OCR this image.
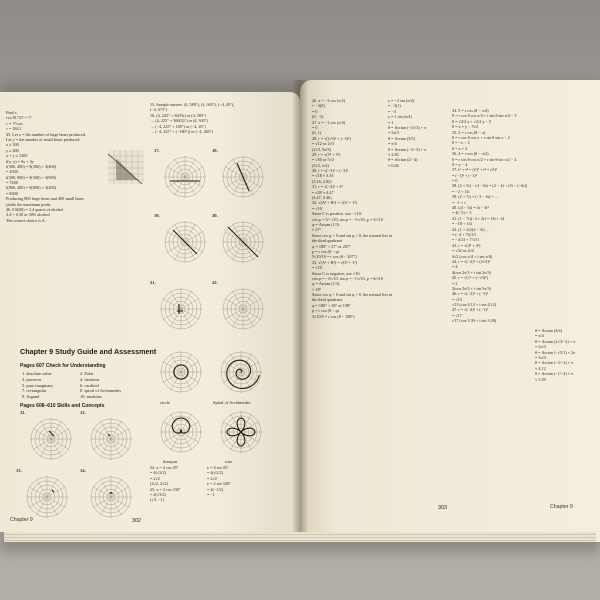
Find c.
cos 81°33' = ??
c = ??/cos
c = 184.1
45. Let x = the number of large bears produced.
Let y = the number of small bears produced.
x ≥ 300
y ≥ 400
x + y ≤ 1200
f(x, y) = 9x + 3y
f(300, 400) = 9(300) + 3(400)
= 4500
f(300, 900) = 9(300) + 3(900)
= 7200
f(800, 400) = 9(800) + 3(400)
= 8400
Producing 800 large bears and 400 small bears
yields the maximum profit.
46. 0.8(60) = 2.4 quarts of alcohol
2.4 = 0.30 or 30% alcohol
The correct choice is A.
Chapter 9 Study Guide and Assessment
Pages 607 Check for Understanding
1. absolute value
3. prosecer
5. pure imaginary
7. rectangular
9. Argand
2. Polar
4. iteration
6. cardioid
8. spiral of Archimedes
10. modulus
Pages 608–610 Skills and Concepts
11.	12.
13.	14.
15. Sample answer: (4, 580°), (4, 945°), (−4, 45°),
(−4, 675°)
16. (4, 225° + 360°k) or (4, 585°)
→ (4, 225° + 360(2)°) or (4, 945°)
→ (−4, 225° + 180°) or (−4, 45°)
→ (−4, 225° + (−180°)) or (−4, 405°)
17.	18.
19.	20.
21.	22.
circle	Spiral of Archimedes
limaçon	rose
24. x = 4 cos 45°
= 4(√2/2)
= 2√2
(2√2, 2√2)
25. x = 2 cos 330°
= 2(√3/2)
(√3, −1)
y = 4 sin 45°
= 4(√2/2)
= 2√2
y = 2 sin 330°
= 2(−1/2)
= −1
Chapter 9	302
26. x = −3 cos (π/2)
= −3(0)
= 0
(0, −3)
27. x = −1 cos (π/4)
= 0
(0, 1)
28. r = √((√3)² + (−3)²)
= √12 or 2√3
(2√3, 5π/3)
29. r = √(5² + 5²)
= √50 or 5√2
(5√2, π/4)
30. r = √(−3)² + (−3)²
= √18 ≈ 3.16
(3.16, 2.82)
31. r = √(−4)² + 2²
= √20 ≈ 4.47
(4.47, 0.46)
32. √(A² + B²) = √(3² + 1²)
= √10
Since C is positive, use −√10.
cos φ = 3/−√10, sin φ = −1/√10, p = 5/√10
φ = Arctan (1/3)
≈ 27°
Since cos φ < 0 and sin φ < 0, the normal lies in
the third quadrant.
φ = 180° + 27° or 207°
p = r cos (θ − φ)
5√10/10 = r cos (θ − 207°)
33. √(A² + B²) = √(3² + 1²)
= √10
Since C is negative, use √10.
cos φ = −3/√10, sin φ = −1/√10, p = 6/√10
φ = Arctan (1/3)
≈ 18°
Since cos φ < 0 and sin φ < 0, the normal lies in
the third quadrant.
φ = 180° + 18° or 198°
p = r cos (θ − φ)
3√10/5 = r cos (θ − 198°)
y = −3 sin (π/2)
= −3(1)
= −3
y = 1 sin (π/4)
= 1
θ = Arctan (−3/√3) + π
= 5π/3
θ = Arctan (5/5)
= π/4
θ = Arctan (−3/−3) + π
≈ 2.82
θ = Arctan (2/−4)
≈ 0.46
34. 5 = r cos (θ − π/4)
0 = r cos θ cos π/4 + r sin θ sin π/4 − 5
0 = √2/2 x + √2/2 y − 5
0 = x + y − 5√2
35. 2 = r cos (θ − π)
0 = r cos θ cos π + r sin θ sin π − 2
0 = −x − 2
0 = x + 2
36. 4 = r cos (θ − π/2)
0 = r cos θ cos π/2 + r sin θ sin π/2 − 4
0 = y − 4
37. i⁶ + i⁴ = (i²)³ + i⁴ = (i²)²
= (−1)³ + (−1)²
= 0
38. (2 + 5i) − (4 − 6i) = (2 − 4) + (5i − (−6i))
= −2 + 11i
39. (2 + 7i) + (−3 − 6i) = ...
= −1 + i
40. i(4 − 3i) = 4i − 3i²
= 4(−3) + 3
41. (1 − 7i)(−4 + 2i) = 14i + 14
= −18 + 14i
42. (1 + 2i)/(2 − 3i) ...
= (−4 + 7i)/13
= −4/13 + 7/13 i
43. r = √(4² + 4²)
= √32 or 4√2
4√2 (cos π/4 + i sin π/4)
44. r = √(−2)² + (2√3)²
= 4
4(cos 2π/3 + i sin 2π/3)
45. r = √(1² + (−√3)²)
= 2
2(cos 5π/3 + i sin 5π/3)
46. r = √(−2)² + (−3)²
= √13
√13 (cos 4.12 + i sin 4.12)
47. r = √(−4)² + (−1)²
= √17
√17 (cos 3.39 + i sin 3.39)
θ = Arctan (4/4)
= π/4
θ = Arctan (2√3/−2) + π
= 2π/3
θ = Arctan (−√3/1) + 2π
= 5π/3
θ = Arctan (−3/−2) + π
≈ 4.12
θ = Arctan (−1/−4) + π
≈ 3.39
303	Chapter 9
